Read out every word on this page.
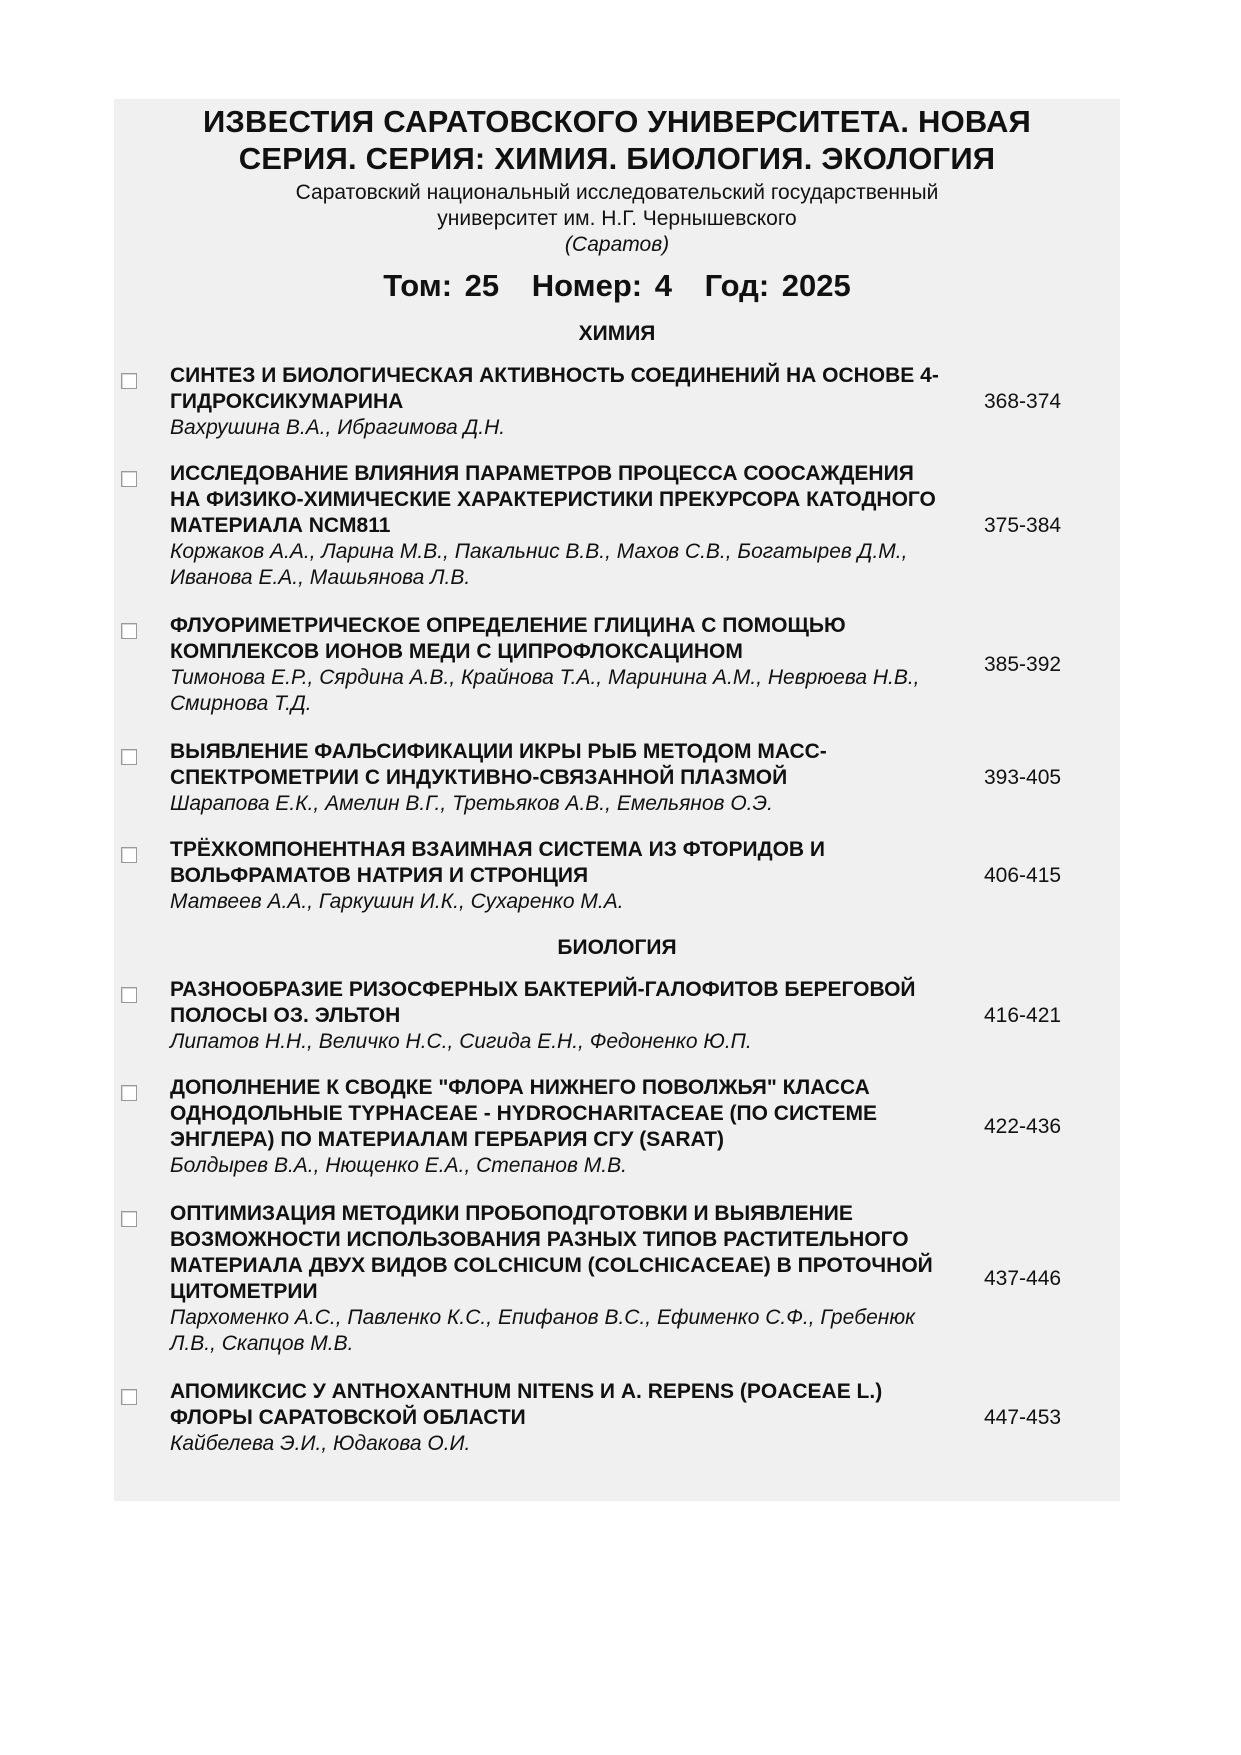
ИЗВЕСТИЯ САРАТОВСКОГО УНИВЕРСИТЕТА. НОВАЯ СЕРИЯ. СЕРИЯ: ХИМИЯ. БИОЛОГИЯ. ЭКОЛОГИЯ
Саратовский национальный исследовательский государственный университет им. Н.Г. Чернышевского
(Саратов)
Том: 25 Номер: 4 Год: 2025
ХИМИЯ
СИНТЕЗ И БИОЛОГИЧЕСКАЯ АКТИВНОСТЬ СОЕДИНЕНИЙ НА ОСНОВЕ 4-ГИДРОКСИКУМАРИНА
Вахрушина В.А., Ибрагимова Д.Н.
368-374
ИССЛЕДОВАНИЕ ВЛИЯНИЯ ПАРАМЕТРОВ ПРОЦЕССА СООСАЖДЕНИЯ НА ФИЗИКО-ХИМИЧЕСКИЕ ХАРАКТЕРИСТИКИ ПРЕКУРСОРА КАТОДНОГО МАТЕРИАЛА NCM811
Коржаков А.А., Ларина М.В., Пакальнис В.В., Махов С.В., Богатырев Д.М., Иванова Е.А., Машьянова Л.В.
375-384
ФЛУОРИМЕТРИЧЕСКОЕ ОПРЕДЕЛЕНИЕ ГЛИЦИНА С ПОМОЩЬЮ КОМПЛЕКСОВ ИОНОВ МЕДИ С ЦИПРОФЛОКСАЦИНОМ
Тимонова Е.Р., Сярдина А.В., Крайнова Т.А., Маринина А.М., Неврюева Н.В., Смирнова Т.Д.
385-392
ВЫЯВЛЕНИЕ ФАЛЬСИФИКАЦИИ ИКРЫ РЫБ МЕТОДОМ МАСС-СПЕКТРОМЕТРИИ С ИНДУКТИВНО-СВЯЗАННОЙ ПЛАЗМОЙ
Шарапова Е.К., Амелин В.Г., Третьяков А.В., Емельянов О.Э.
393-405
ТРЁХКОМПОНЕНТНАЯ ВЗАИМНАЯ СИСТЕМА ИЗ ФТОРИДОВ И ВОЛЬФРАМАТОВ НАТРИЯ И СТРОНЦИЯ
Матвеев А.А., Гаркушин И.К., Сухаренко М.А.
406-415
БИОЛОГИЯ
РАЗНООБРАЗИЕ РИЗОСФЕРНЫХ БАКТЕРИЙ-ГАЛОФИТОВ БЕРЕГОВОЙ ПОЛОСЫ ОЗ. ЭЛЬТОН
Липатов Н.Н., Величко Н.С., Сигида Е.Н., Федоненко Ю.П.
416-421
ДОПОЛНЕНИЕ К СВОДКЕ "ФЛОРА НИЖНЕГО ПОВОЛЖЬЯ" КЛАССА ОДНОДОЛЬНЫЕ TYPHACEAE - HYDROCHARITACEAE (ПО СИСТЕМЕ ЭНГЛЕРА) ПО МАТЕРИАЛАМ ГЕРБАРИЯ СГУ (SARAT)
Болдырев В.А., Нющенко Е.А., Степанов М.В.
422-436
ОПТИМИЗАЦИЯ МЕТОДИКИ ПРОБОПОДГОТОВКИ И ВЫЯВЛЕНИЕ ВОЗМОЖНОСТИ ИСПОЛЬЗОВАНИЯ РАЗНЫХ ТИПОВ РАСТИТЕЛЬНОГО МАТЕРИАЛА ДВУХ ВИДОВ COLCHICUM (COLCHICACEAE) В ПРОТОЧНОЙ ЦИТОМЕТРИИ
Пархоменко А.С., Павленко К.С., Епифанов В.С., Ефименко С.Ф., Гребенюк Л.В., Скапцов М.В.
437-446
АПОМИКСИС У ANTHOXANTHUM NITENS И A. REPENS (POACEAE L.) ФЛОРЫ САРАТОВСКОЙ ОБЛАСТИ
Кайбелева Э.И., Юдакова О.И.
447-453
